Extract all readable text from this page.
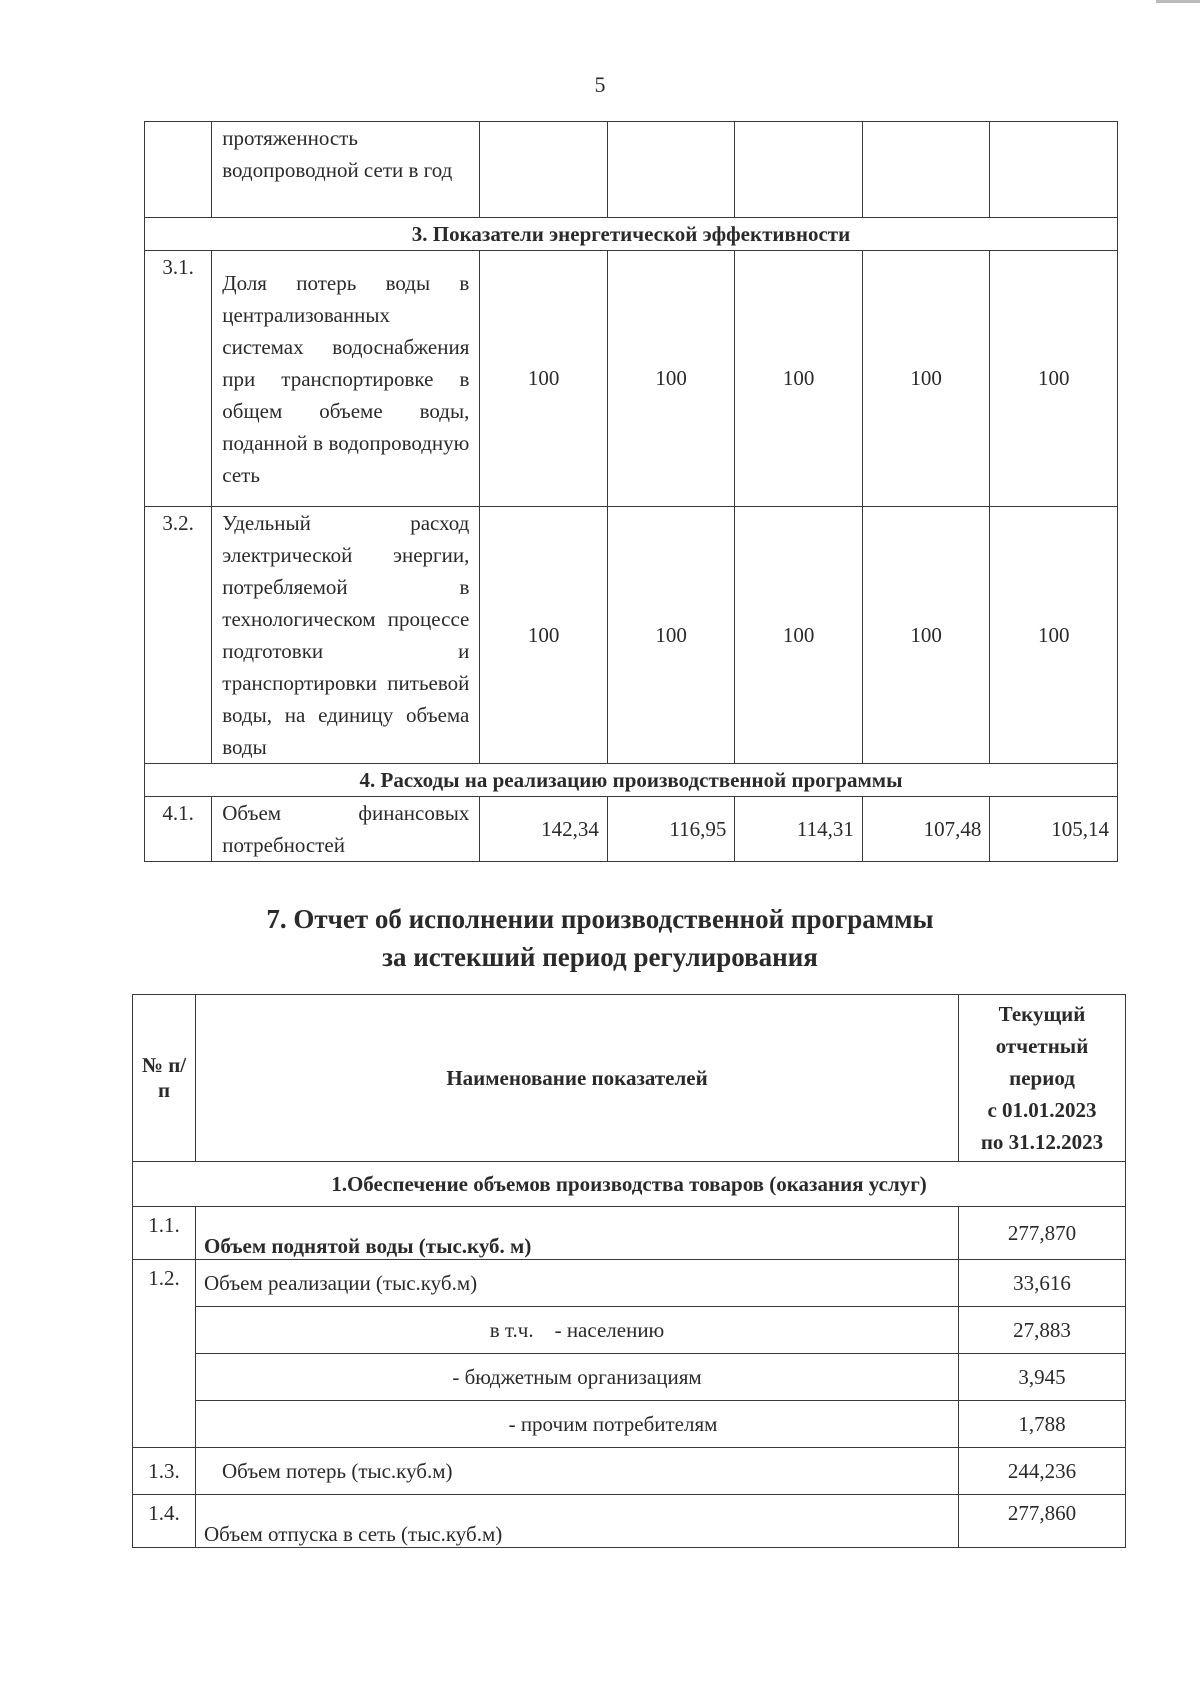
5

	протяженность водопроводной сети в год					

3. Показатели энергетической эффективности						
3.1.	Доля потерь воды в централизованных системах водоснабжения при транспортировке в общем объеме воды, поданной в водопроводную сеть	100	100	100	100	100
3.2.	Удельный расход электрической энергии, потребляемой в технологическом процессе подготовки и транспортировки питьевой воды, на единицу объема воды	100	100	100	100	100
4. Расходы на реализацию производственной программы						
4.1.	Объем финансовых потребностей	142,34	116,95	114,31	107,48	105,14
7. Отчет об исполнении производственной программы
за истекший период регулирования
№ п/п	Наименование показателей	Текущий
отчетный
период
с 01.01.2023
по 31.12.2023

1.Обеспечение объемов производства товаров (оказания услуг)		
1.1.	Объем поднятой воды (тыс.куб. м)	277,870
1.2.	Объем реализации (тыс.куб.м)	33,616
	в т.ч.    - населению	27,883
	- бюджетным организациям	3,945
	- прочим потребителям	1,788
1.3.	Объем потерь (тыс.куб.м)	244,236
1.4.	Объем отпуска в сеть (тыс.куб.м)	277,860
